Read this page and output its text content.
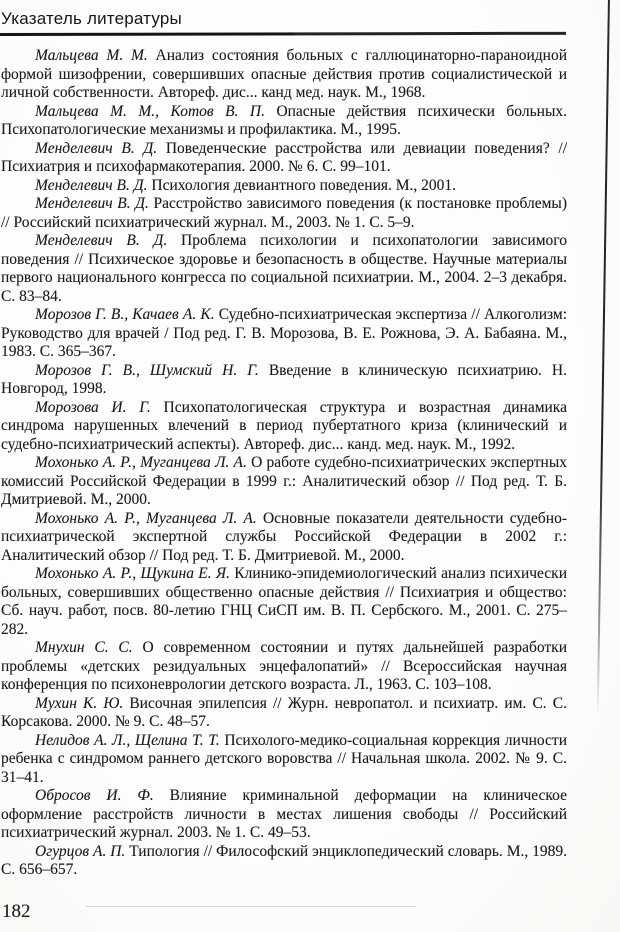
Указатель литературы

Мальцева М. М. Анализ состояния больных с галлюцинаторно-параноидной формой шизофрении, совершивших опасные действия против социалистической и личной собственности. Автореф. дис... канд мед. наук. М., 1968.

Мальцева М. М., Котов В. П. Опасные действия психически больных. Психопатологические механизмы и профилактика. М., 1995.

Менделевич В. Д. Поведенческие расстройства или девиации поведения? // Психиатрия и психофармакотерапия. 2000. № 6. С. 99–101.

Менделевич В. Д. Психология девиантного поведения. М., 2001.

Менделевич В. Д. Расстройство зависимого поведения (к постановке проблемы) // Российский психиатрический журнал. М., 2003. № 1. С. 5–9.

Менделевич В. Д. Проблема психологии и психопатологии зависимого поведения // Психическое здоровье и безопасность в обществе. Научные материалы первого национального конгресса по социальной психиатрии. М., 2004. 2–3 декабря. С. 83–84.

Морозов Г. В., Качаев А. К. Судебно-психиатрическая экспертиза // Алкоголизм: Руководство для врачей / Под ред. Г. В. Морозова, В. Е. Рожнова, Э. А. Бабаяна. М., 1983. С. 365–367.

Морозов Г. В., Шумский Н. Г. Введение в клиническую психиатрию. Н. Новгород, 1998.

Морозова И. Г. Психопатологическая структура и возрастная динамика синдрома нарушенных влечений в период пубертатного криза (клинический и судебно-психиатрический аспекты). Автореф. дис... канд. мед. наук. М., 1992.

Мохонько А. Р., Муганцева Л. А. О работе судебно-психиатрических экспертных комиссий Российской Федерации в 1999 г.: Аналитический обзор // Под ред. Т. Б. Дмитриевой. М., 2000.

Мохонько А. Р., Муганцева Л. А. Основные показатели деятельности судебно-психиатрической экспертной службы Российской Федерации в 2002 г.: Аналитический обзор // Под ред. Т. Б. Дмитриевой. М., 2000.

Мохонько А. Р., Щукина Е. Я. Клинико-эпидемиологический анализ психически больных, совершивших общественно опасные действия // Психиатрия и общество: Сб. науч. работ, посв. 80-летию ГНЦ СиСП им. В. П. Сербского. М., 2001. С. 275–282.

Мнухин С. С. О современном состоянии и путях дальнейшей разработки проблемы «детских резидуальных энцефалопатий» // Всероссийская научная конференция по психоневрологии детского возраста. Л., 1963. С. 103–108.

Мухин К. Ю. Височная эпилепсия // Журн. невропатол. и психиатр. им. С. С. Корсакова. 2000. № 9. С. 48–57.

Нелидов А. Л., Щелина Т. Т. Психолого-медико-социальная коррекция личности ребенка с синдромом раннего детского воровства // Начальная школа. 2002. № 9. С. 31–41.

Обросов И. Ф. Влияние криминальной деформации на клиническое оформление расстройств личности в местах лишения свободы // Российский психиатрический журнал. 2003. № 1. С. 49–53.

Огурцов А. П. Типология // Философский энциклопедический словарь. М., 1989. С. 656–657.

182
